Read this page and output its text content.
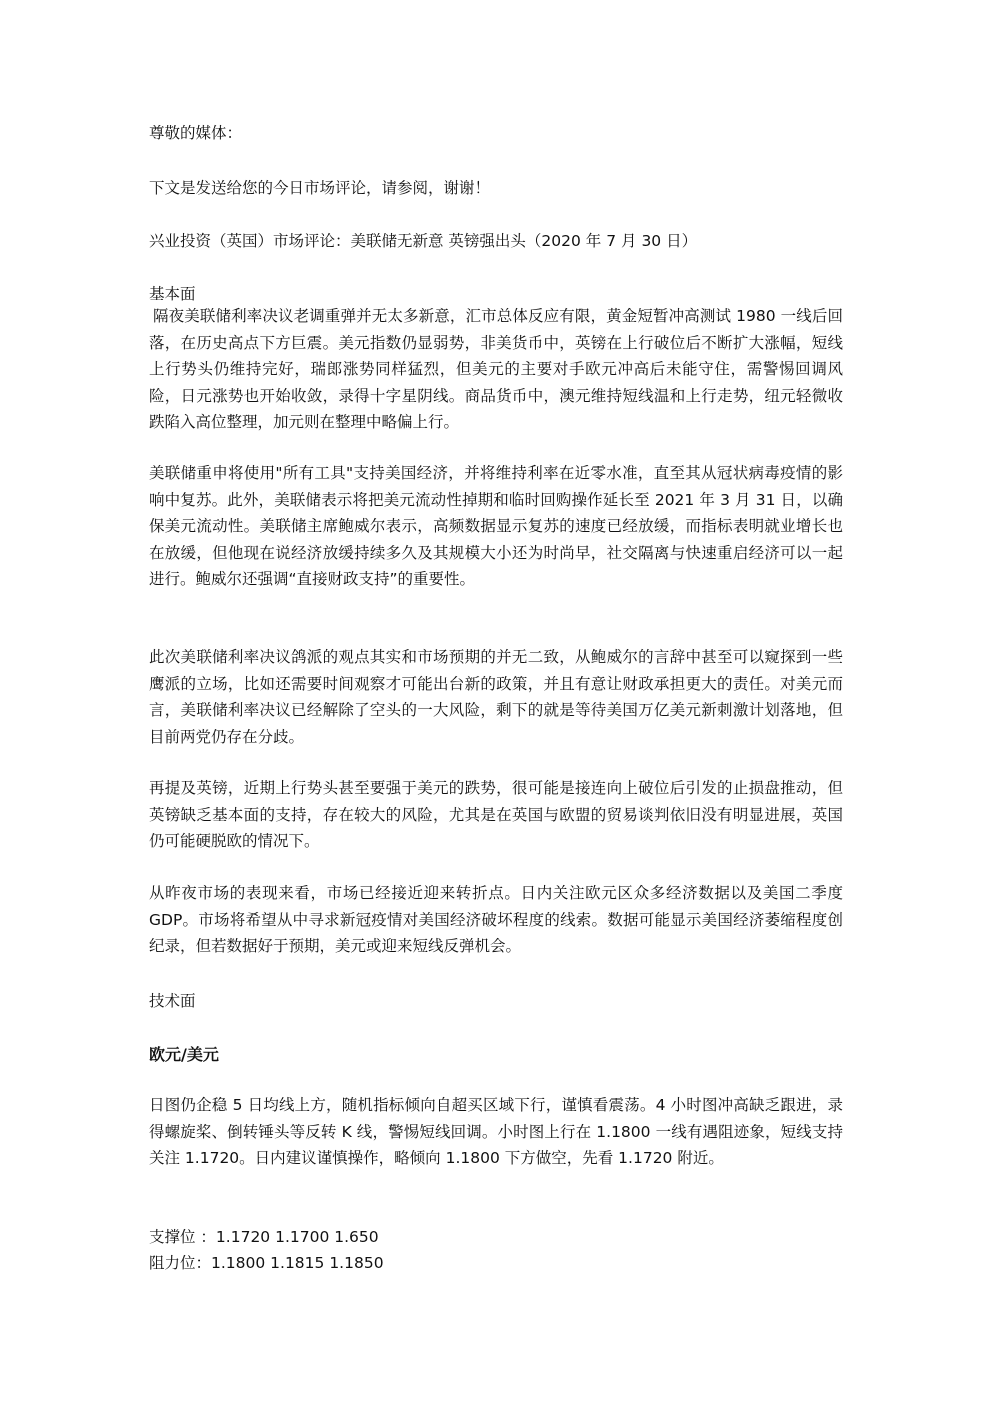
尊敬的媒体：
下文是发送给您的今日市场评论，请参阅，谢谢！
兴业投资（英国）市场评论：美联储无新意 英镑强出头（2020 年 7 月 30 日）
基本面

隔夜美联储利率决议老调重弹并无太多新意，汇市总体反应有限，黄金短暂冲高测试 1980 一线后回落，在历史高点下方巨震。美元指数仍显弱势，非美货币中，英镑在上行破位后不断扩大涨幅，短线上行势头仍维持完好，瑞郎涨势同样猛烈，但美元的主要对手欧元冲高后未能守住，需警惕回调风险，日元涨势也开始收敛，录得十字星阴线。商品货币中，澳元维持短线温和上行走势，纽元轻微收跌陷入高位整理，加元则在整理中略偏上行。

美联储重申将使用"所有工具"支持美国经济，并将维持利率在近零水准，直至其从冠状病毒疫情的影响中复苏。此外，美联储表示将把美元流动性掉期和临时回购操作延长至 2021 年 3 月 31 日，以确保美元流动性。美联储主席鲍威尔表示，高频数据显示复苏的速度已经放缓，而指标表明就业增长也在放缓，但他现在说经济放缓持续多久及其规模大小还为时尚早，社交隔离与快速重启经济可以一起进行。鲍威尔还强调“直接财政支持”的重要性。

此次美联储利率决议鸽派的观点其实和市场预期的并无二致，从鲍威尔的言辞中甚至可以窥探到一些鹰派的立场，比如还需要时间观察才可能出台新的政策，并且有意让财政承担更大的责任。对美元而言，美联储利率决议已经解除了空头的一大风险，剩下的就是等待美国万亿美元新刺激计划落地，但目前两党仍存在分歧。

再提及英镑，近期上行势头甚至要强于美元的跌势，很可能是接连向上破位后引发的止损盘推动，但英镑缺乏基本面的支持，存在较大的风险，尤其是在英国与欧盟的贸易谈判依旧没有明显进展，英国仍可能硬脱欧的情况下。

从昨夜市场的表现来看，市场已经接近迎来转折点。日内关注欧元区众多经济数据以及美国二季度 GDP。市场将希望从中寻求新冠疫情对美国经济破坏程度的线索。数据可能显示美国经济萎缩程度创纪录，但若数据好于预期，美元或迎来短线反弹机会。

技术面
欧元/美元

日图仍企稳 5 日均线上方，随机指标倾向自超买区域下行，谨慎看震荡。4 小时图冲高缺乏跟进，录得螺旋桨、倒转锤头等反转 K 线，警惕短线回调。小时图上行在 1.1800 一线有遇阻迹象，短线支持关注 1.1720。日内建议谨慎操作，略倾向 1.1800 下方做空，先看 1.1720 附近。

支撑位 ：1.1720 1.1700 1.650
阻力位：1.1800 1.1815 1.1850
